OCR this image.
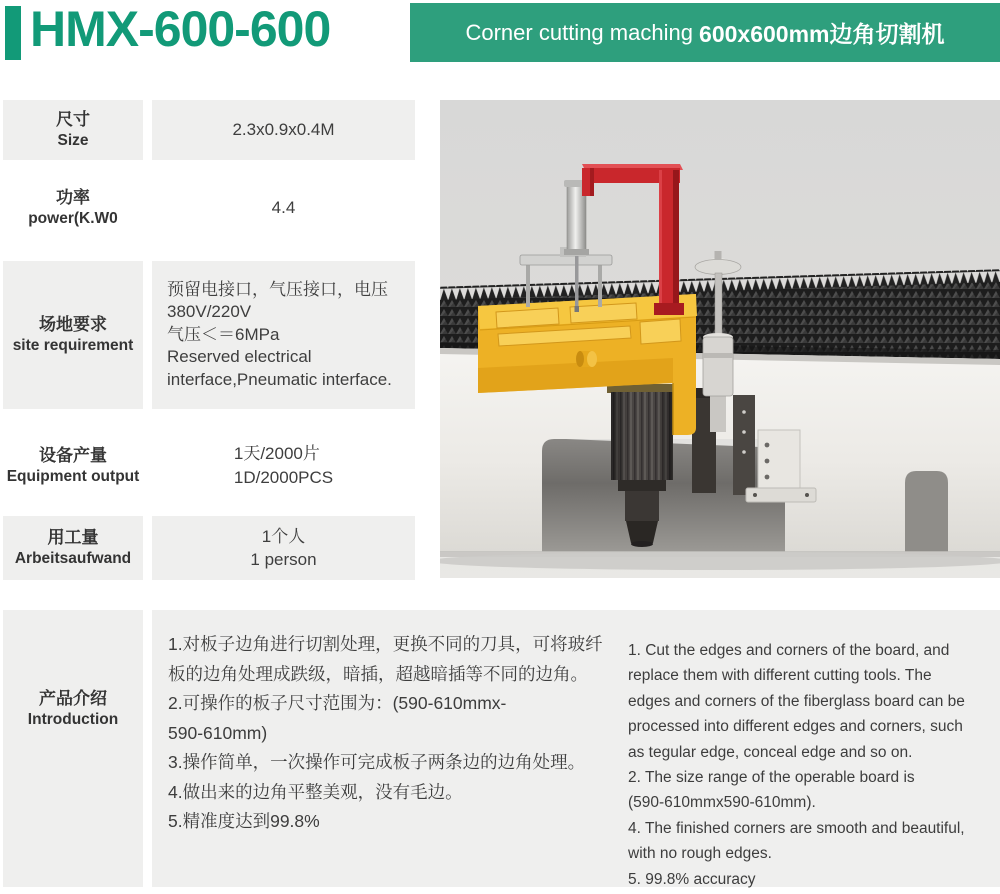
HMX-600-600	Corner cutting maching 600x600mm边角切割机
尺寸
Size
2.3x0.9x0.4M
功率
power(K.W0
4.4
场地要求
site requirement
预留电接口，气压接口，电压
380V/220V
气压＜＝6MPa
Reserved electrical
interface,Pneumatic interface.
设备产量
Equipment output
1天/2000片
1D/2000PCS
用工量
Arbeitsaufwand
1个人
1 person
产品介绍
Introduction
1.对板子边角进行切割处理，更换不同的刀具，可将玻纤
板的边角处理成跌级，暗插，超越暗插等不同的边角。
2.可操作的板子尺寸范围为：(590-610mmx-
590-610mm)
3.操作简单，一次操作可完成板子两条边的边角处理。
4.做出来的边角平整美观，没有毛边。
5.精准度达到99.8%
1. Cut the edges and corners of the board, and
replace them with different cutting tools. The
edges and corners of the fiberglass board can be
processed into different edges and corners, such
as tegular edge, conceal edge and so on.
2. The size range of the operable board is
(590-610mmx590-610mm).
4. The finished corners are smooth and beautiful,
with no rough edges.
5. 99.8% accuracy
